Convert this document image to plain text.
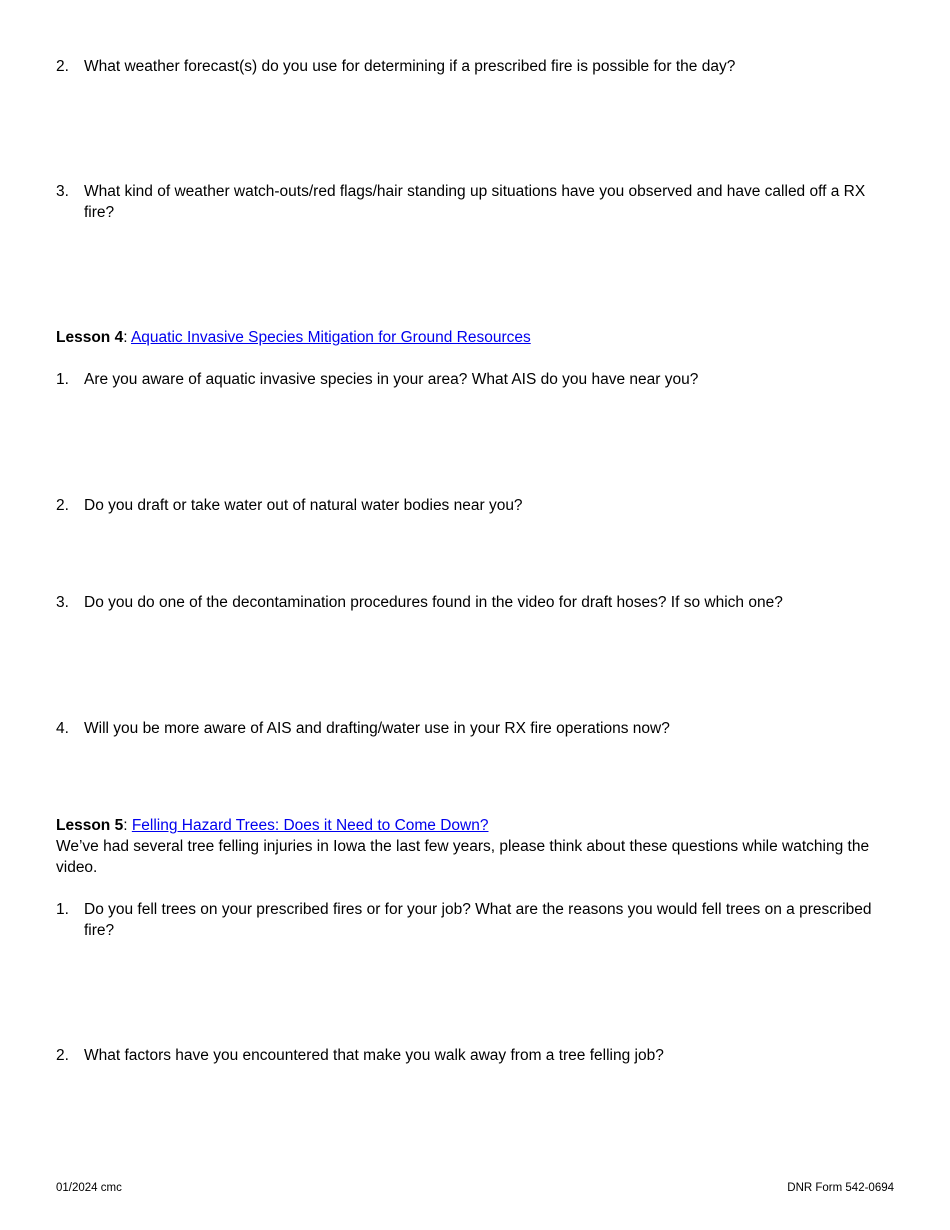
2. What weather forecast(s) do you use for determining if a prescribed fire is possible for the day?
3. What kind of weather watch-outs/red flags/hair standing up situations have you observed and have called off a RX fire?
Lesson 4: Aquatic Invasive Species Mitigation for Ground Resources
1. Are you aware of aquatic invasive species in your area? What AIS do you have near you?
2. Do you draft or take water out of natural water bodies near you?
3. Do you do one of the decontamination procedures found in the video for draft hoses? If so which one?
4. Will you be more aware of AIS and drafting/water use in your RX fire operations now?
Lesson 5: Felling Hazard Trees: Does it Need to Come Down?
We’ve had several tree felling injuries in Iowa the last few years, please think about these questions while watching the video.
1. Do you fell trees on your prescribed fires or for your job? What are the reasons you would fell trees on a prescribed fire?
2. What factors have you encountered that make you walk away from a tree felling job?
01/2024 cmc	DNR Form 542-0694
